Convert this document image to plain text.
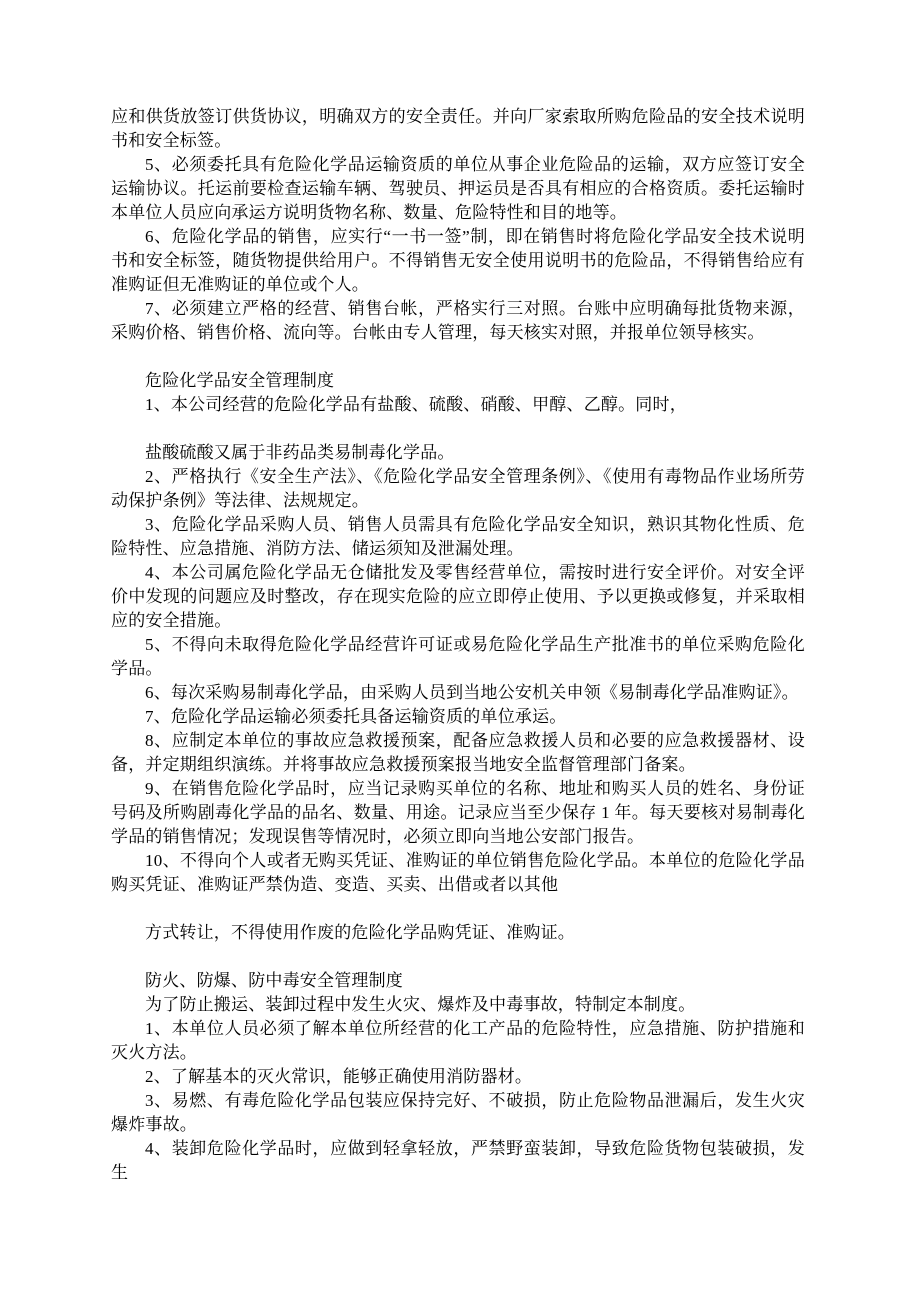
应和供货放签订供货协议，明确双方的安全责任。并向厂家索取所购危险品的安全技术说明书和安全标签。

5、必须委托具有危险化学品运输资质的单位从事企业危险品的运输，双方应签订安全运输协议。托运前要检查运输车辆、驾驶员、押运员是否具有相应的合格资质。委托运输时本单位人员应向承运方说明货物名称、数量、危险特性和目的地等。

6、危险化学品的销售，应实行“一书一签”制，即在销售时将危险化学品安全技术说明书和安全标签，随货物提供给用户。不得销售无安全使用说明书的危险品，不得销售给应有准购证但无准购证的单位或个人。

7、必须建立严格的经营、销售台帐，严格实行三对照。台账中应明确每批货物来源，采购价格、销售价格、流向等。台帐由专人管理，每天核实对照，并报单位领导核实。

危险化学品安全管理制度

1、本公司经营的危险化学品有盐酸、硫酸、硝酸、甲醇、乙醇。同时，

盐酸硫酸又属于非药品类易制毒化学品。

2、严格执行《安全生产法》、《危险化学品安全管理条例》、《使用有毒物品作业场所劳动保护条例》等法律、法规规定。

3、危险化学品采购人员、销售人员需具有危险化学品安全知识，熟识其物化性质、危险特性、应急措施、消防方法、储运须知及泄漏处理。

4、本公司属危险化学品无仓储批发及零售经营单位，需按时进行安全评价。对安全评价中发现的问题应及时整改，存在现实危险的应立即停止使用、予以更换或修复，并采取相应的安全措施。

5、不得向未取得危险化学品经营许可证或易危险化学品生产批准书的单位采购危险化学品。

6、每次采购易制毒化学品，由采购人员到当地公安机关申领《易制毒化学品准购证》。

7、危险化学品运输必须委托具备运输资质的单位承运。

8、应制定本单位的事故应急救援预案，配备应急救援人员和必要的应急救援器材、设备，并定期组织演练。并将事故应急救援预案报当地安全监督管理部门备案。

9、在销售危险化学品时，应当记录购买单位的名称、地址和购买人员的姓名、身份证号码及所购剧毒化学品的品名、数量、用途。记录应当至少保存 1 年。每天要核对易制毒化学品的销售情况；发现误售等情况时，必须立即向当地公安部门报告。

10、不得向个人或者无购买凭证、准购证的单位销售危险化学品。本单位的危险化学品购买凭证、准购证严禁伪造、变造、买卖、出借或者以其他

方式转让，不得使用作废的危险化学品购凭证、准购证。

防火、防爆、防中毒安全管理制度

为了防止搬运、装卸过程中发生火灾、爆炸及中毒事故，特制定本制度。

1、本单位人员必须了解本单位所经营的化工产品的危险特性，应急措施、防护措施和灭火方法。

2、了解基本的灭火常识，能够正确使用消防器材。

3、易燃、有毒危险化学品包装应保持完好、不破损，防止危险物品泄漏后，发生火灾爆炸事故。

4、装卸危险化学品时，应做到轻拿轻放，严禁野蛮装卸，导致危险货物包装破损，发生
